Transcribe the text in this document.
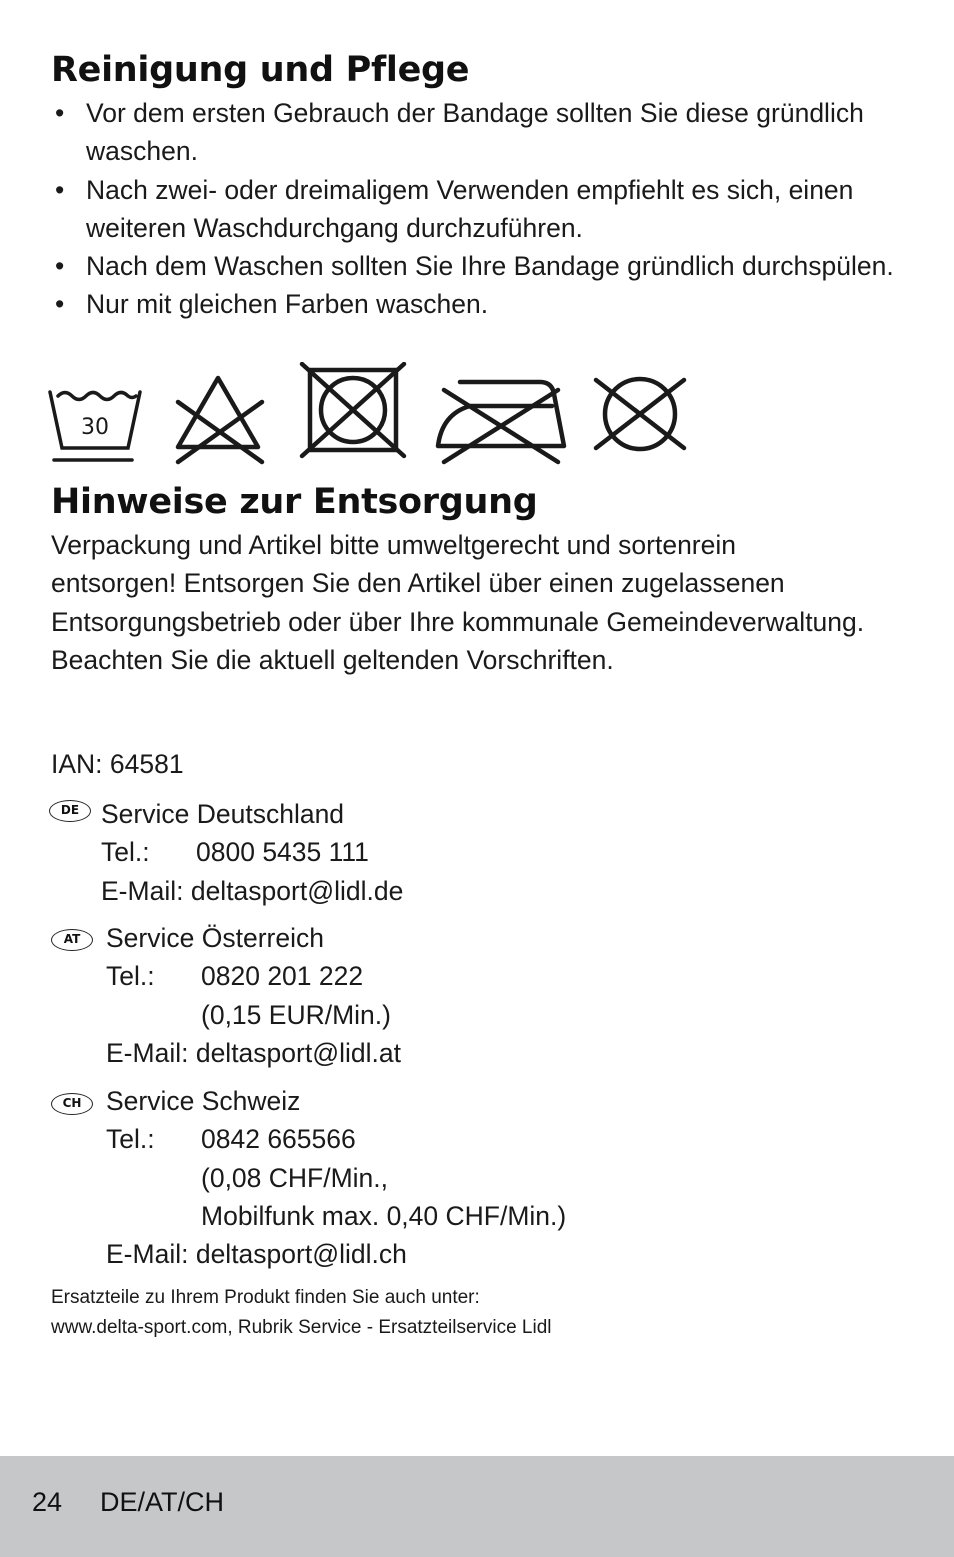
Reinigung und Pflege
• Vor dem ersten Gebrauch der Bandage sollten Sie diese gründlich waschen.
• Nach zwei- oder dreimaligem Verwenden empfiehlt es sich, einen weiteren Waschdurchgang durchzuführen.
• Nach dem Waschen sollten Sie Ihre Bandage gründlich durchspülen.
• Nur mit gleichen Farben waschen.
30
Hinweise zur Entsorgung
Verpackung und Artikel bitte umweltgerecht und sortenrein
entsorgen! Entsorgen Sie den Artikel über einen zugelassenen
Entsorgungsbetrieb oder über Ihre kommunale Gemeindeverwaltung.
Beachten Sie die aktuell geltenden Vorschriften.
IAN: 64581
DE Service Deutschland
Tel.: 0800 5435 111
E-Mail: deltasport@lidl.de
AT Service Österreich
Tel.: 0820 201 222
(0,15 EUR/Min.)
E-Mail: deltasport@lidl.at
CH Service Schweiz
Tel.: 0842 665566
(0,08 CHF/Min.,
Mobilfunk max. 0,40 CHF/Min.)
E-Mail: deltasport@lidl.ch
Ersatzteile zu Ihrem Produkt finden Sie auch unter:
www.delta-sport.com, Rubrik Service - Ersatzteilservice Lidl
24 DE/AT/CH
